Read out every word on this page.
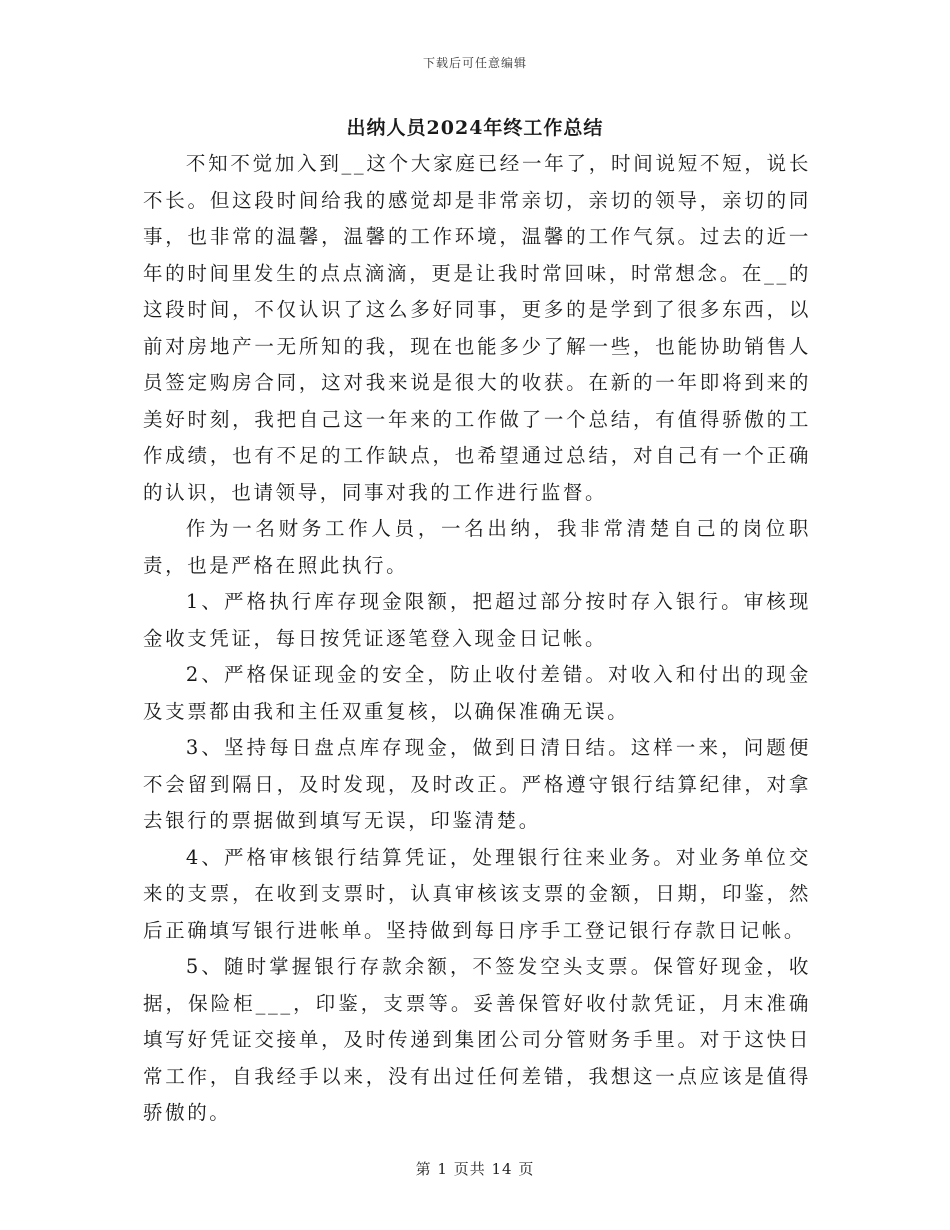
下载后可任意编辑
出纳人员2024年终工作总结

不知不觉加入到__这个大家庭已经一年了，时间说短不短，说长不长。但这段时间给我的感觉却是非常亲切，亲切的领导，亲切的同事，也非常的温馨，温馨的工作环境，温馨的工作气氛。过去的近一年的时间里发生的点点滴滴，更是让我时常回味，时常想念。在__的这段时间，不仅认识了这么多好同事，更多的是学到了很多东西，以前对房地产一无所知的我，现在也能多少了解一些，也能协助销售人员签定购房合同，这对我来说是很大的收获。在新的一年即将到来的美好时刻，我把自己这一年来的工作做了一个总结，有值得骄傲的工作成绩，也有不足的工作缺点，也希望通过总结，对自己有一个正确的认识，也请领导，同事对我的工作进行监督。

作为一名财务工作人员，一名出纳，我非常清楚自己的岗位职责，也是严格在照此执行。

1、严格执行库存现金限额，把超过部分按时存入银行。审核现金收支凭证，每日按凭证逐笔登入现金日记帐。

2、严格保证现金的安全，防止收付差错。对收入和付出的现金及支票都由我和主任双重复核，以确保准确无误。

3、坚持每日盘点库存现金，做到日清日结。这样一来，问题便不会留到隔日，及时发现，及时改正。严格遵守银行结算纪律，对拿去银行的票据做到填写无误，印鉴清楚。

4、严格审核银行结算凭证，处理银行往来业务。对业务单位交来的支票，在收到支票时，认真审核该支票的金额，日期，印鉴，然后正确填写银行进帐单。坚持做到每日序手工登记银行存款日记帐。

5、随时掌握银行存款余额，不签发空头支票。保管好现金，收据，保险柜___，印鉴，支票等。妥善保管好收付款凭证，月末准确填写好凭证交接单，及时传递到集团公司分管财务手里。对于这快日常工作，自我经手以来，没有出过任何差错，我想这一点应该是值得骄傲的。

第 1 页共 14 页
